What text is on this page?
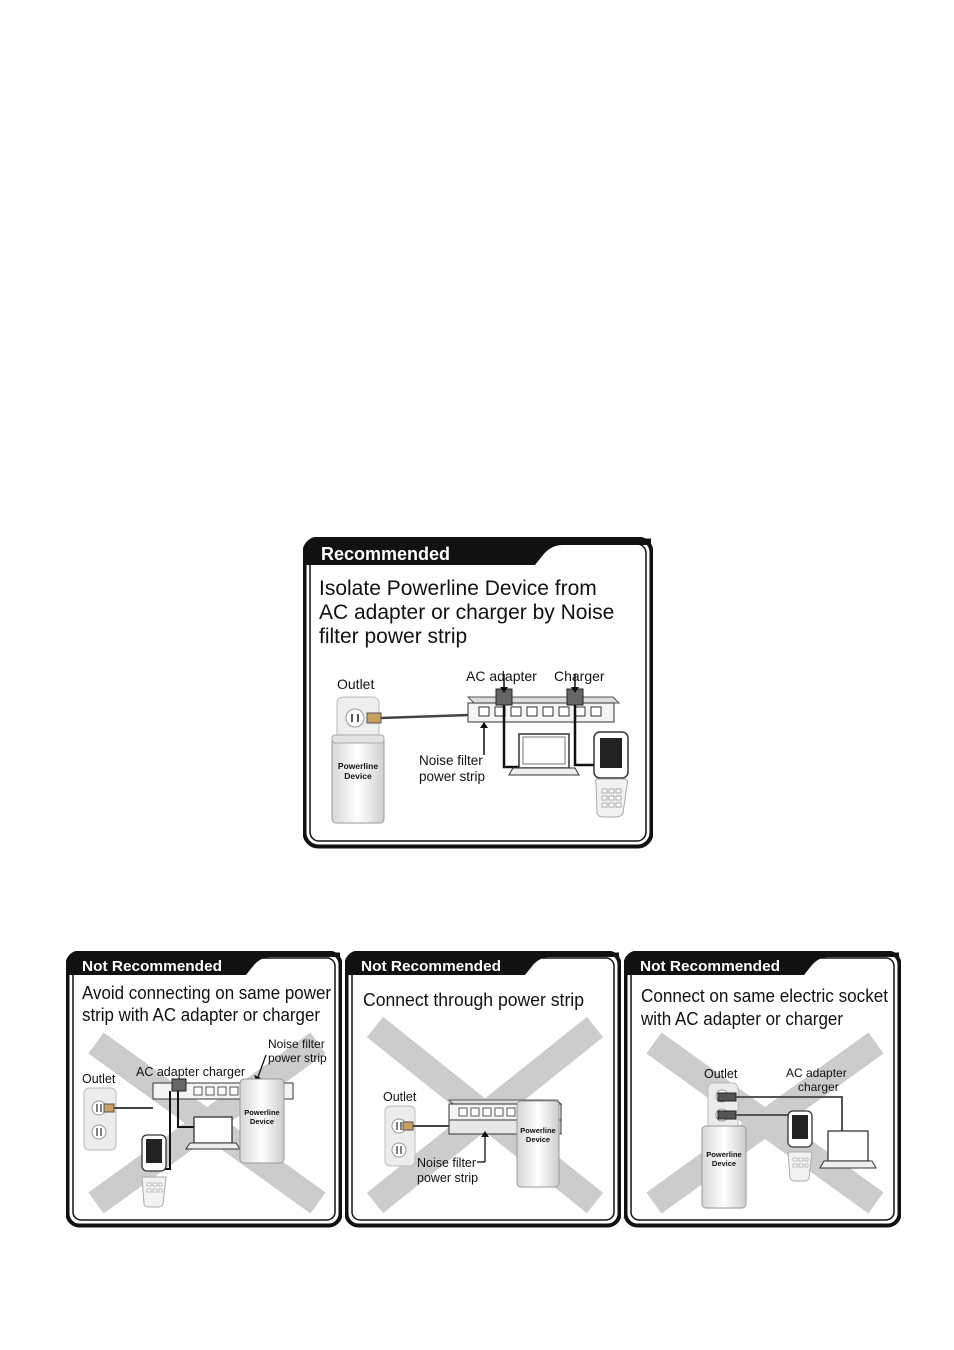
Recommended
Isolate Powerline Device from
AC adapter or charger by Noise
filter power strip
Outlet	AC adapter Charger
Powerline
Device
Noise filter
power strip
Not Recommended
Avoid connecting on same power
strip with AC adapter or charger
Outlet AC adapter charger
Noise filter
power strip
Powerline
Device
Not Recommended
Connect through power strip
Outlet
Powerline
Device
Noise filter
power strip
Not Recommended
Connect on same electric socket
with AC adapter or charger
Outlet	AC adapter
charger
Powerline
Device
